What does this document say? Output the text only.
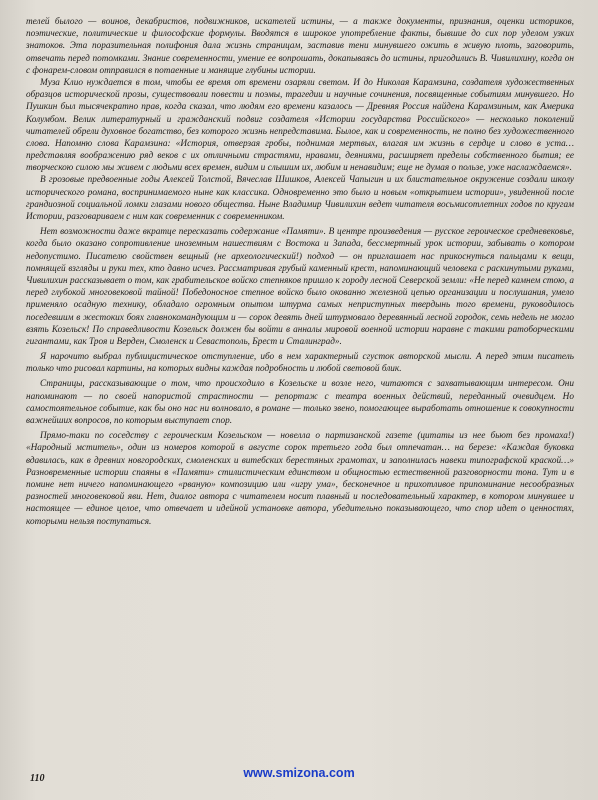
телей былого — воинов, декабристов, подвижников, искателей истины, — а также документы, признания, оценки историков, поэтические, политические и философские формулы. Вводятся в широкое употребление факты, бывшие до сих пор уделом узких знатоков. Эта поразительная полифония дала жизнь страницам, заставив тени минувшего ожить в живую плоть, заговорить, отвечать перед потомками. Знание современности, умение ее вопрошать, докапываясь до истины, пригодились В. Чивилихину, когда он с фонарем-словом отправился в потаенные и манящие глубины истории.

Муза Клио нуждается в том, чтобы ее время от времени озаряли светом. И до Николая Карамзина, создателя художественных образцов исторической прозы, существовали повести и поэмы, трагедии и научные сочинения, посвященные событиям минувшего. Но Пушкин был тысячекратно прав, когда сказал, что людям его времени казалось — Древняя Россия найдена Карамзиным, как Америка Колумбом. Велик литературный и гражданский подвиг создателя «Истории государства Российского» — несколько поколений читателей обрели духовное богатство, без которого жизнь непредставима. Былое, как и современность, не полно без художественного слова. Напомню слова Карамзина: «История, отверзая гробы, поднимая мертвых, влагая им жизнь в сердце и слово в уста… представляя воображению ряд веков с их отличными страстями, нравами, деяниями, расширяет пределы собственного бытия; ее творческою силою мы живем с людьми всех времен, видим и слышим их, любим и ненавидим; еще не думая о пользе, уже наслаждаемся».

В грозовые предвоенные годы Алексей Толстой, Вячеслав Шишков, Алексей Чапыгин и их блистательное окружение создали школу исторического романа, воспринимаемого ныне как классика. Одновременно это было и новым «открытием истории», увиденной после грандиозной социальной ломки глазами нового общества. Ныне Владимир Чивилихин ведет читателя восьмисотлетних годов по кругам Истории, разговариваем с ним как современник с современником.

Нет возможности даже вкратце пересказать содержание «Памяти». В центре произведения — русское героическое средневековье, когда было оказано сопротивление иноземным нашествиям с Востока и Запада, бессмертный урок истории, забывать о котором недопустимо. Писателю свойствен вещный (не археологический!) подход — он приглашает нас прикоснуться пальцами к вещи, помнящей взгляды и руки тех, кто давно исчез. Рассматривая грубый каменный крест, напоминающий человека с раскинутыми руками, Чивилихин рассказывает о том, как грабительское войско степняков пришло к городу лесной Северской земли: «Не перед камнем стою, а перед глубокой многовековой тайной! Победоносное степное войско было окованно железной цепью организации и послушания, умело применяло осадную технику, обладало огромным опытом штурма самых неприступных твердынь того времени, руководилось поседевшим в жестоких боях главнокомандующим и — сорок девять дней штурмовало деревянный лесной городок, семь недель не могло взять Козельск! По справедливости Козельск должен бы войти в анналы мировой военной истории наравне с такими ратоборческими гигантами, как Троя и Верден, Смоленск и Севастополь, Брест и Сталинград».

Я нарочито выбрал публицистическое отступление, ибо в нем характерный сгусток авторской мысли. А перед этим писатель только что рисовал картины, на которых видны каждая подробность и любой световой блик.

Страницы, рассказывающие о том, что происходило в Козельске и возле него, читаются с захватывающим интересом. Они напоминают — по своей напористой страстности — репортаж с театра военных действий, переданный очевидцем. Но самостоятельное событие, как бы оно нас ни волновало, в романе — только звено, помогающее выработать отношение к совокупности важнейших вопросов, по которым выступает спор.

Прямо-таки по соседству с героическим Козельском — новелла о партизанской газете (цитаты из нее бьют без промаха!) «Народный мститель», один из номеров которой в августе сорок третьего года был отпечатан… на березе: «Каждая буковка вдавилась, как в древних новгородских, смоленских и витебских берестяных грамотах, и заполнилась навеки типографской краской…» Разновременные истории спаяны в «Памяти» стилистическим единством и общностью естественной разговорности тона. Тут и в помине нет ничего напоминающего «рваную» композицию или «игру ума», бесконечное и прихотливое припоминание несообразных разностей многовековой яви. Нет, диалог автора с читателем носит плавный и последовательный характер, в котором минувшее и настоящее — единое целое, что отвечает и идейной установке автора, убедительно показывающего, что спор идет о ценностях, которыми нельзя поступаться.

110	www.smizona.com
